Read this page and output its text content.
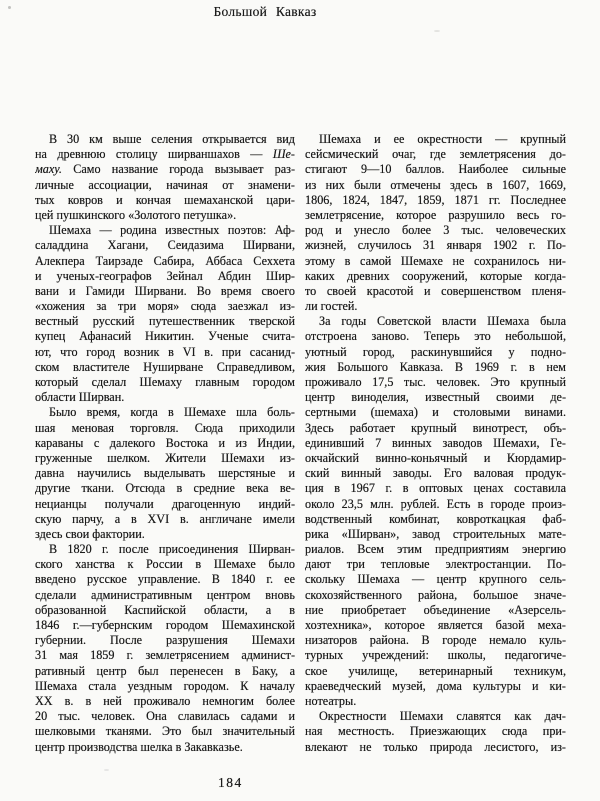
Большой Кавказ

В 30 км выше селения открывается вид
на древнюю столицу ширваншахов — Ше-
маху. Само название города вызывает раз-
личные ассоциации, начиная от знамени-
тых ковров и кончая шемаханской цари-
цей пушкинского «Золотого петушка».

Шемаха — родина известных поэтов: Аф-
саладдина Хагани, Сеидазима Ширвани,
Алекпера Таирзаде Сабира, Аббаса Сеххета
и ученых-географов Зейнал Абдин Шир-
вани и Гамиди Ширвани. Во время своего
«хожения за три моря» сюда заезжал из-
вестный русский путешественник тверской
купец Афанасий Никитин. Ученые счита-
ют, что город возник в VI в. при сасанид-
ском властителе Нуширване Справедливом,
который сделал Шемаху главным городом
области Ширван.

Было время, когда в Шемахе шла боль-
шая меновая торговля. Сюда приходили
караваны с далекого Востока и из Индии,
груженные шелком. Жители Шемахи из-
давна научились выделывать шерстяные и
другие ткани. Отсюда в средние века ве-
нецианцы получали драгоценную индий-
скую парчу, а в XVI в. англичане имели
здесь свои фактории.

В 1820 г. после присоединения Ширван-
ского ханства к России в Шемахе было
введено русское управление. В 1840 г. ее
сделали административным центром вновь
образованной Каспийской области, а в
1846 г.—губернским городом Шемахинской
губернии. После разрушения Шемахи
31 мая 1859 г. землетрясением админист-
ративный центр был перенесен в Баку, а
Шемаха стала уездным городом. К началу
XX в. в ней проживало немногим более
20 тыс. человек. Она славилась садами и
шелковыми тканями. Это был значительный
центр производства шелка в Закавказье.

Шемаха и ее окрестности — крупный
сейсмический очаг, где землетрясения до-
стигают 9—10 баллов. Наиболее сильные
из них были отмечены здесь в 1607, 1669,
1806, 1824, 1847, 1859, 1871 гг. Последнее
землетрясение, которое разрушило весь го-
род и унесло более 3 тыс. человеческих
жизней, случилось 31 января 1902 г. По-
этому в самой Шемахе не сохранилось ни-
каких древних сооружений, которые когда-
то своей красотой и совершенством пленя-
ли гостей.

За годы Советской власти Шемаха была
отстроена заново. Теперь это небольшой,
уютный город, раскинувшийся у подно-
жия Большого Кавказа. В 1969 г. в нем
проживало 17,5 тыс. человек. Это крупный
центр виноделия, известный своими де-
сертными (шемаха) и столовыми винами.
Здесь работает крупный винотрест, объ-
единивший 7 винных заводов Шемахи, Ге-
окчайский винно-коньячный и Кюрдамир-
ский винный заводы. Его валовая продук-
ция в 1967 г. в оптовых ценах составила
около 23,5 млн. рублей. Есть в городе произ-
водственный комбинат, ковроткацкая фаб-
рика «Ширван», завод строительных мате-
риалов. Всем этим предприятиям энергию
дают три тепловые электростанции. По-
скольку Шемаха — центр крупного сель-
скохозяйственного района, большое значе-
ние приобретает объединение «Азерсель-
хозтехника», которое является базой меха-
низаторов района. В городе немало куль-
турных учреждений: школы, педагогиче-
ское училище, ветеринарный техникум,
краеведческий музей, дома культуры и ки-
нотеатры.

Окрестности Шемахи славятся как дач-
ная местность. Приезжающих сюда при-
влекают не только природа лесистого, из-

184
